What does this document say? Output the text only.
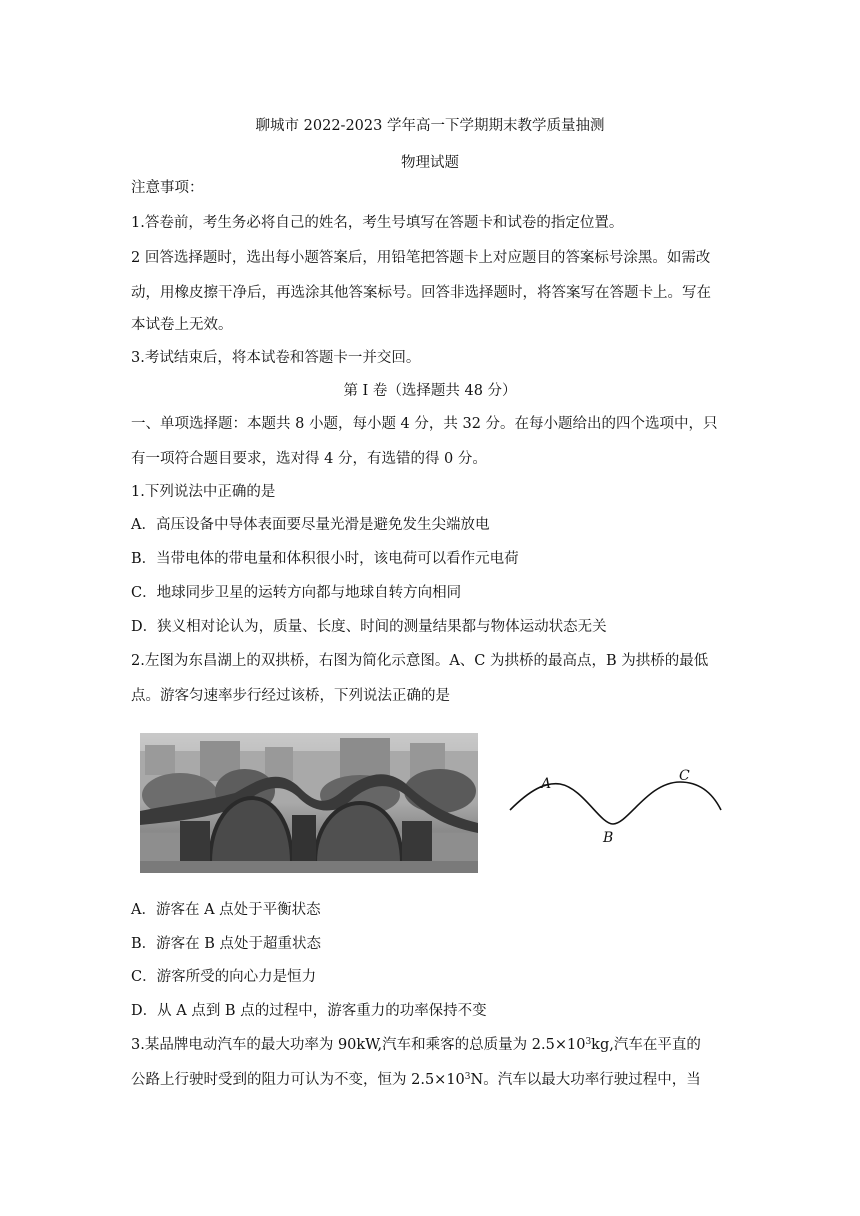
聊城市 2022-2023 学年高一下学期期末教学质量抽测
物理试题
注意事项：
1.答卷前，考生务必将自己的姓名，考生号填写在答题卡和试卷的指定位置。
2 回答选择题时，选出每小题答案后，用铅笔把答题卡上对应题目的答案标号涂黑。如需改
动，用橡皮擦干净后，再选涂其他答案标号。回答非选择题时，将答案写在答题卡上。写在
本试卷上无效。
3.考试结束后，将本试卷和答题卡一并交回。
第 I 卷（选择题共 48 分）
一、单项选择题：本题共 8 小题，每小题 4 分，共 32 分。在每小题给出的四个选项中，只
有一项符合题目要求，选对得 4 分，有选错的得 0 分。
1.下列说法中正确的是
A．高压设备中导体表面要尽量光滑是避免发生尖端放电
B．当带电体的带电量和体积很小时，该电荷可以看作元电荷
C．地球同步卫星的运转方向都与地球自转方向相同
D．狭义相对论认为，质量、长度、时间的测量结果都与物体运动状态无关
2.左图为东昌湖上的双拱桥，右图为简化示意图。A、C 为拱桥的最高点，B 为拱桥的最低
点。游客匀速率步行经过该桥，下列说法正确的是
A
B
C
A．游客在 A 点处于平衡状态
B．游客在 B 点处于超重状态
C．游客所受的向心力是恒力
D．从 A 点到 B 点的过程中，游客重力的功率保持不变
3.某品牌电动汽车的最大功率为 90kW,汽车和乘客的总质量为 $2.5\times 10^3kg$,汽车在平直的
公路上行驶时受到的阻力可认为不变，恒为 $2.5\times 10^3N$。汽车以最大功率行驶过程中，当
